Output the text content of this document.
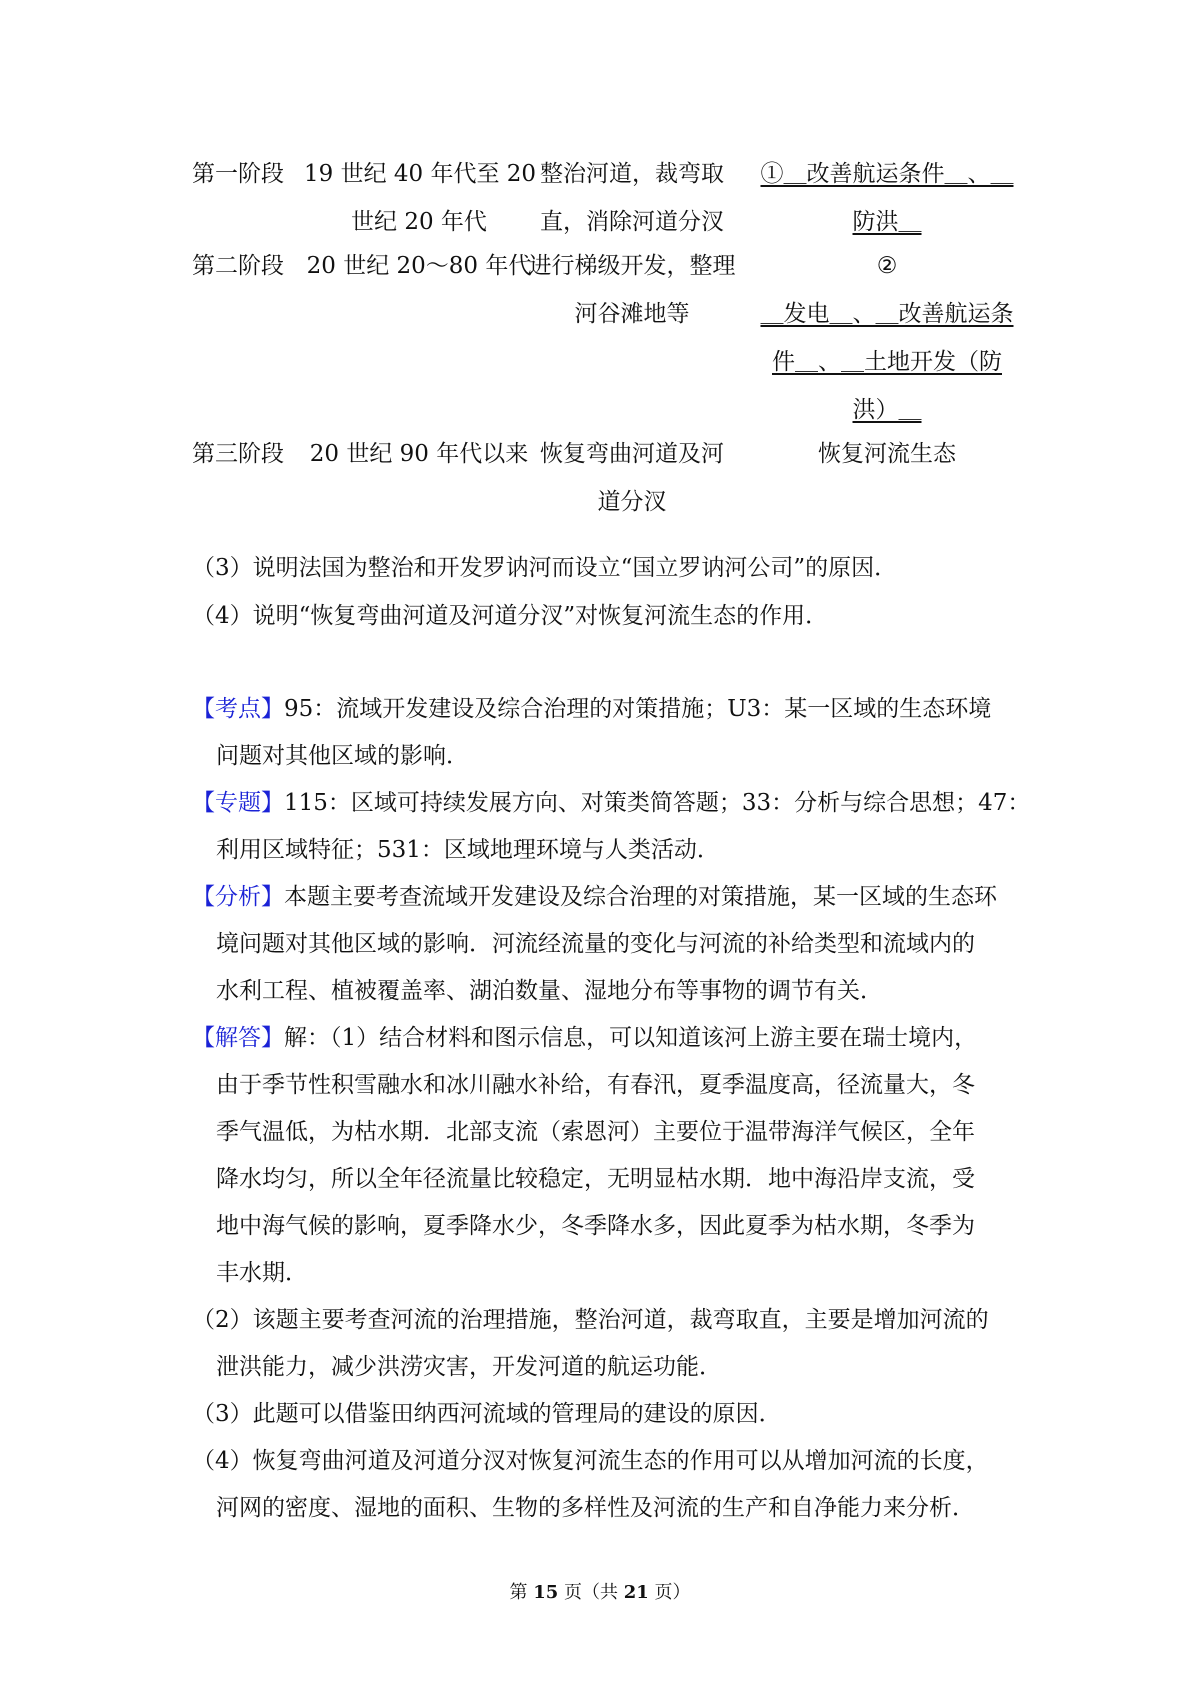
第一阶段 19 世纪 40 年代至 20
世纪 20 年代
整治河道，裁弯取
直，消除河道分汊
①＿改善航运条件＿、＿
防洪＿
第二阶段 20 世纪 20～80 年代
进行梯级开发，整理
河谷滩地等
②
＿发电＿、＿改善航运条
件＿、＿土地开发（防
洪）＿
第三阶段	20 世纪 90 年代以来 恢复弯曲河道及河
道分汊
恢复河流生态
（3）说明法国为整治和开发罗讷河而设立“国立罗讷河公司”的原因．
（4）说明“恢复弯曲河道及河道分汊”对恢复河流生态的作用．
【考点】95：流域开发建设及综合治理的对策措施；U3：某一区域的生态环境
问题对其他区域的影响．
【专题】115：区域可持续发展方向、对策类简答题；33：分析与综合思想；47：
利用区域特征；531：区域地理环境与人类活动．
【分析】本题主要考查流域开发建设及综合治理的对策措施，某一区域的生态环
境问题对其他区域的影响．河流经流量的变化与河流的补给类型和流域内的
水利工程、植被覆盖率、湖泊数量、湿地分布等事物的调节有关．
【解答】解：（1）结合材料和图示信息，可以知道该河上游主要在瑞士境内，
由于季节性积雪融水和冰川融水补给，有春汛，夏季温度高，径流量大，冬
季气温低，为枯水期．北部支流（索恩河）主要位于温带海洋气候区，全年
降水均匀，所以全年径流量比较稳定，无明显枯水期．地中海沿岸支流，受
地中海气候的影响，夏季降水少，冬季降水多，因此夏季为枯水期，冬季为
丰水期．
（2）该题主要考查河流的治理措施，整治河道，裁弯取直，主要是增加河流的
泄洪能力，减少洪涝灾害，开发河道的航运功能．
（3）此题可以借鉴田纳西河流域的管理局的建设的原因．
（4）恢复弯曲河道及河道分汊对恢复河流生态的作用可以从增加河流的长度，
河网的密度、湿地的面积、生物的多样性及河流的生产和自净能力来分析．
第 15 页（共 21 页）
